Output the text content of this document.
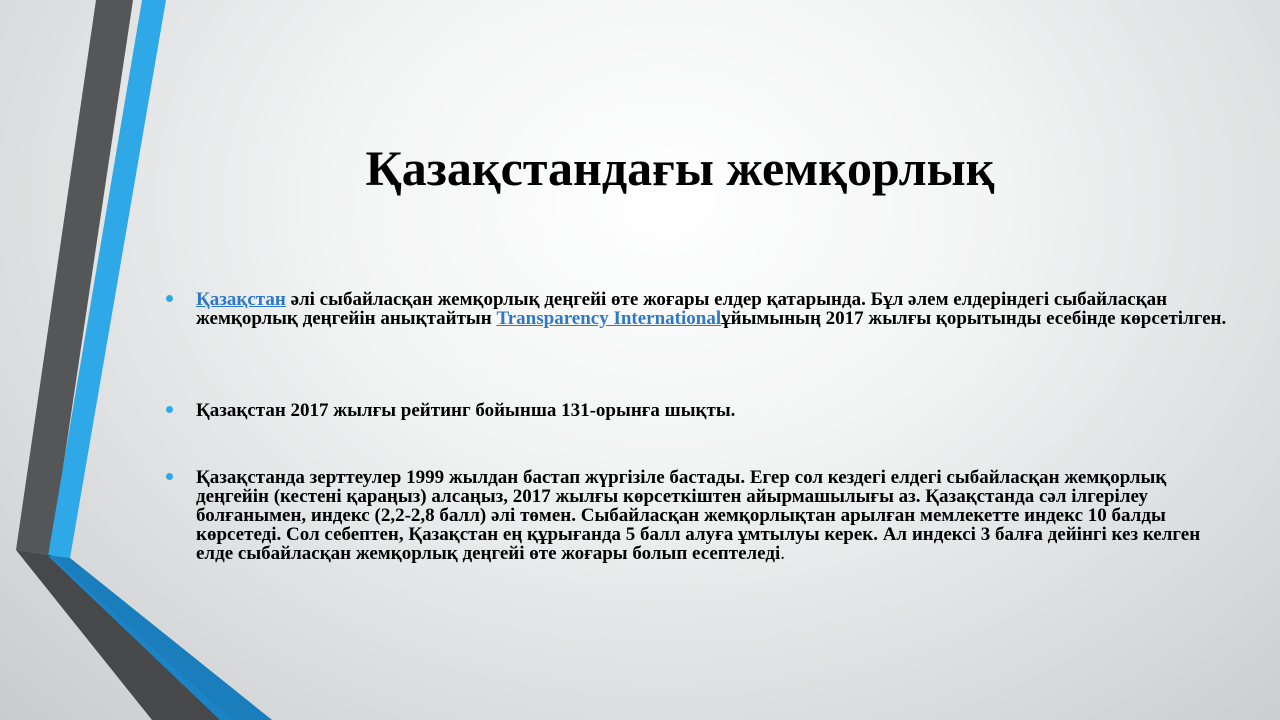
Қазақстандағы жемқорлық

Қазақстан әлі сыбайласқан жемқорлық деңгейі өте жоғары елдер қатарында. Бұл әлем елдеріндегі сыбайласқан жемқорлық деңгейін анықтайтын Transparency Internationalұйымының 2017 жылғы қорытынды есебінде көрсетілген.

Қазақстан 2017 жылғы рейтинг бойынша 131-орынға шықты.

Қазақстанда зерттеулер 1999 жылдан бастап жүргізіле бастады. Егер сол кездегі елдегі сыбайласқан жемқорлық деңгейін (кестені қараңыз) алсаңыз, 2017 жылғы көрсеткіштен айырмашылығы аз. Қазақстанда сәл ілгерілеу болғанымен, индекс (2,2-2,8 балл) әлі төмен. Сыбайласқан жемқорлықтан арылған мемлекетте индекс 10 балды көрсетеді. Сол себептен, Қазақстан ең құрығанда 5 балл алуға ұмтылуы керек. Ал индексі 3 балға дейінгі кез келген елде сыбайласқан жемқорлық деңгейі өте жоғары болып есептеледі.
